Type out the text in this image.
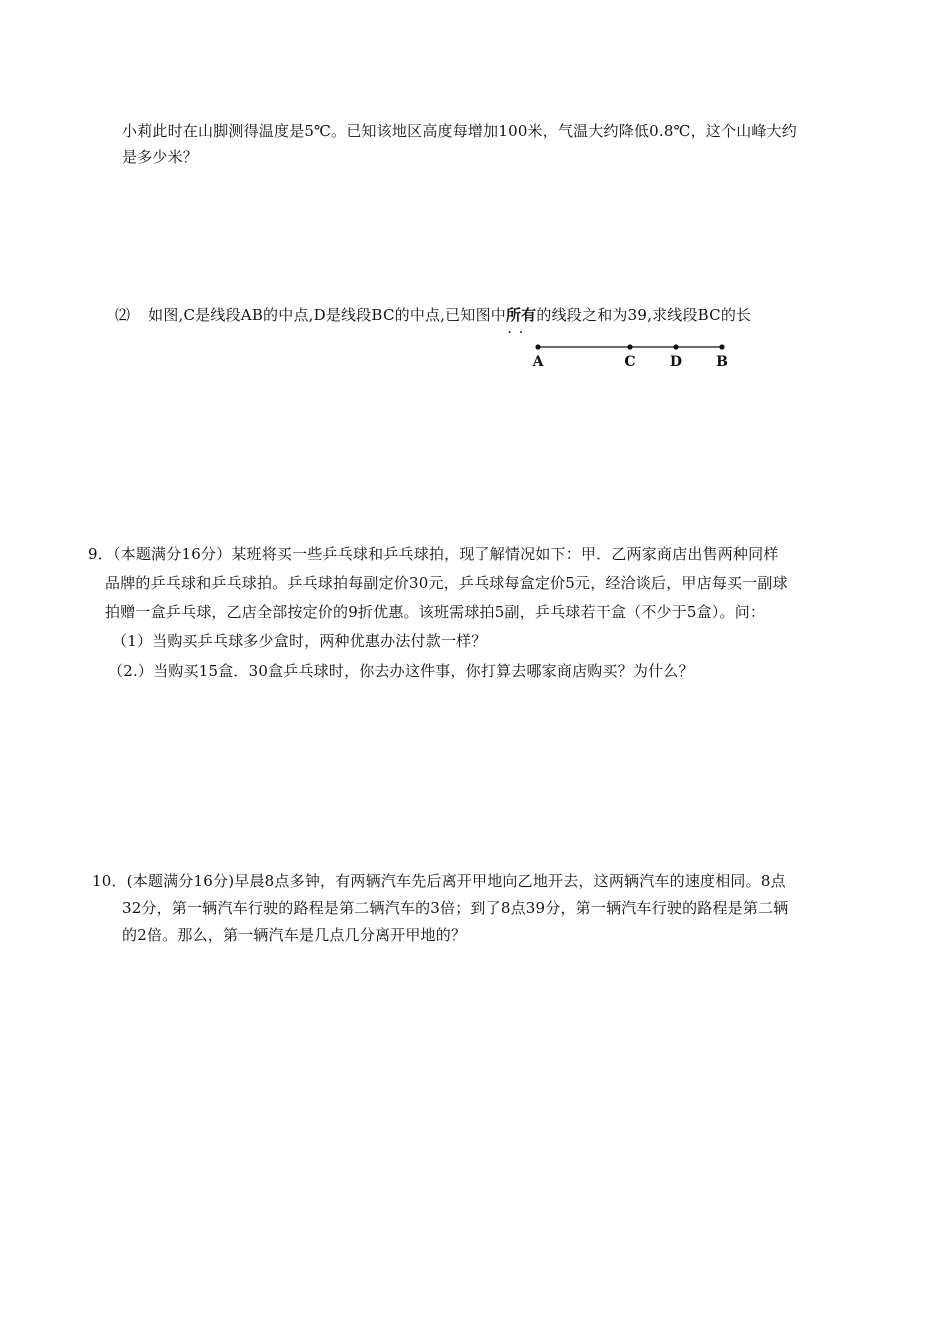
小莉此时在山脚测得温度是5℃。已知该地区高度每增加100米，气温大约降低0.8℃，这个山峰大约
是多少米？
⑵ 如图,C是线段AB的中点,D是线段BC的中点,已知图中所有
..
的线段之和为39,求线段BC的长
A	C D B
9．（本题满分16分）某班将买一些乒乓球和乒乓球拍，现了解情况如下：甲．乙两家商店出售两种同样
品牌的乒乓球和乒乓球拍。乒乓球拍每副定价30元，乒乓球每盒定价5元，经洽谈后，甲店每买一副球
拍赠一盒乒乓球，乙店全部按定价的9折优惠。该班需球拍5副，乒乓球若干盒（不少于5盒）。问：
（1）当购买乒乓球多少盒时，两种优惠办法付款一样？
（2.）当购买15盒．30盒乒乓球时，你去办这件事，你打算去哪家商店购买？为什么？
10．(本题满分16分)早晨8点多钟，有两辆汽车先后离开甲地向乙地开去，这两辆汽车的速度相同。8点
32分，第一辆汽车行驶的路程是第二辆汽车的3倍；到了8点39分，第一辆汽车行驶的路程是第二辆
的2倍。那么，第一辆汽车是几点几分离开甲地的？
